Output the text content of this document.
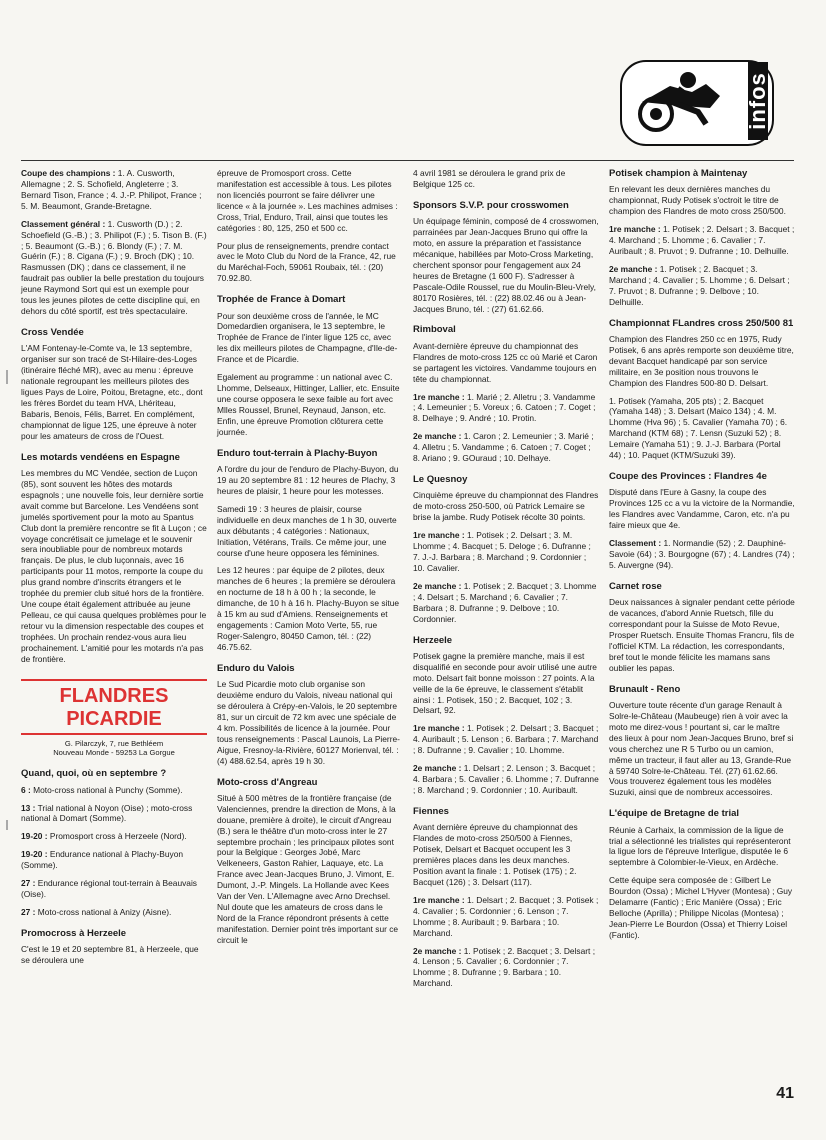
infos

Coupe des champions : 1. A. Cusworth, Allemagne ; 2. S. Schofield, Angleterre ; 3. Bernard Tison, France ; 4. J.-P. Philipot, France ; 5. M. Beaumont, Grande-Bretagne.

Classement général : 1. Cusworth (D.) ; 2. Schoefield (G.-B.) ; 3. Philipot (F.) ; 5. Tison B. (F.) ; 5. Beaumont (G.-B.) ; 6. Blondy (F.) ; 7. M. Guérin (F.) ; 8. Cigana (F.) ; 9. Broch (DK) ; 10. Rasmussen (DK) ; dans ce classement, il ne faudrait pas oublier la belle prestation du toujours jeune Raymond Sort qui est un exemple pour tous les jeunes pilotes de cette discipline qui, en dehors du côté sportif, est très spectaculaire.

Cross Vendée

L'AM Fontenay-le-Comte va, le 13 septembre, organiser sur son tracé de St-Hilaire-des-Loges (itinéraire fléché MR), avec au menu : épreuve nationale regroupant les meilleurs pilotes des ligues Pays de Loire, Poitou, Bretagne, etc., dont les frères Bordet du team HVA, Lhériteau, Babaris, Benois, Félis, Barret. En complément, championnat de ligue 125, une épreuve à noter pour les amateurs de cross de l'Ouest.

Les motards vendéens en Espagne

Les membres du MC Vendée, section de Luçon (85), sont souvent les hôtes des motards espagnols ; une nouvelle fois, leur dernière sortie avait comme but Barcelone. Les Vendéens sont jumelés sportivement pour la moto au Spantus Club dont la première rencontre se fit à Luçon ; ce voyage concrétisait ce jumelage et le souvenir sera inoubliable pour de nombreux motards français. De plus, le club luçonnais, avec 16 participants pour 11 motos, remporte la coupe du plus grand nombre d'inscrits étrangers et le trophée du premier club situé hors de la frontière. Une coupe était également attribuée au jeune Pelleau, ce qui causa quelques problèmes pour le retour vu la dimension respectable des coupes et trophées. Un prochain rendez-vous aura lieu prochainement. L'amitié pour les motards n'a pas de frontière.

FLANDRES
PICARDIE
G. Pilarczyk, 7, rue Bethléem
Nouveau Monde - 59253 La Gorgue
Quand, quoi, où en septembre ?

6 : Moto-cross national à Punchy (Somme).

13 : Trial national à Noyon (Oise) ; moto-cross national à Domart (Somme).

19-20 : Promosport cross à Herzeele (Nord).

19-20 : Endurance national à Plachy-Buyon (Somme).

27 : Endurance régional tout-terrain à Beauvais (Oise).

27 : Moto-cross national à Anizy (Aisne).

Promocross à Herzeele

C'est le 19 et 20 septembre 81, à Herzeele, que se déroulera une

épreuve de Promosport cross. Cette manifestation est accessible à tous. Les pilotes non licenciés pourront se faire délivrer une licence « à la journée ». Les machines admises : Cross, Trial, Enduro, Trail, ainsi que toutes les catégories : 80, 125, 250 et 500 cc.

Pour plus de renseignements, prendre contact avec le Moto Club du Nord de la France, 42, rue du Maréchal-Foch, 59061 Roubaix, tél. : (20) 70.92.80.

Trophée de France à Domart

Pour son deuxième cross de l'année, le MC Domedardien organisera, le 13 septembre, le Trophée de France de l'inter ligue 125 cc, avec les dix meilleurs pilotes de Champagne, d'Ile-de-France et de Picardie.

Egalement au programme : un national avec C. Lhomme, Delseaux, Hittinger, Lallier, etc. Ensuite une course opposera le sexe faible au fort avec Mlles Roussel, Brunel, Reynaud, Janson, etc. Enfin, une épreuve Promotion clôturera cette journée.

Enduro tout-terrain à Plachy-Buyon

A l'ordre du jour de l'enduro de Plachy-Buyon, du 19 au 20 septembre 81 : 12 heures de Plachy, 3 heures de plaisir, 1 heure pour les motesses.

Samedi 19 : 3 heures de plaisir, course individuelle en deux manches de 1 h 30, ouverte aux débutants ; 4 catégories : Nationaux, Initiation, Vétérans, Trails. Ce même jour, une course d'une heure opposera les féminines.

Les 12 heures : par équipe de 2 pilotes, deux manches de 6 heures ; la première se déroulera en nocturne de 18 h à 00 h ; la seconde, le dimanche, de 10 h à 16 h. Plachy-Buyon se situe à 15 km au sud d'Amiens. Renseignements et engagements : Camion Moto Verte, 55, rue Roger-Salengro, 80450 Camon, tél. : (22) 46.75.62.

Enduro du Valois

Le Sud Picardie moto club organise son deuxième enduro du Valois, niveau national qui se déroulera à Crépy-en-Valois, le 20 septembre 81, sur un circuit de 72 km avec une spéciale de 4 km. Possibilités de licence à la journée. Pour tous renseignements : Pascal Launois, La Pierre-Aigue, Fresnoy-la-Rivière, 60127 Morienval, tél. : (4) 488.62.54, après 19 h 30.

Moto-cross d'Angreau

Situé à 500 mètres de la frontière française (de Valenciennes, prendre la direction de Mons, à la douane, première à droite), le circuit d'Angreau (B.) sera le théâtre d'un moto-cross inter le 27 septembre prochain ; les principaux pilotes sont pour la Belgique : Georges Jobé, Marc Velkeneers, Gaston Rahier, Laquaye, etc. La France avec Jean-Jacques Bruno, J. Vimont, E. Dumont, J.-P. Mingels. La Hollande avec Kees Van der Ven. L'Allemagne avec Arno Drechsel. Nul doute que les amateurs de cross dans le Nord de la France répondront présents à cette manifestation. Dernier point très important sur ce circuit le

4 avril 1981 se déroulera le grand prix de Belgique 125 cc.

Sponsors S.V.P. pour crosswomen

Un équipage féminin, composé de 4 crosswomen, parrainées par Jean-Jacques Bruno qui offre la moto, en assure la préparation et l'assistance mécanique, habillées par Moto-Cross Marketing, cherchent sponsor pour l'engagement aux 24 heures de Bretagne (1 600 F). S'adresser à Pascale-Odile Roussel, rue du Moulin-Bleu-Vrely, 80170 Rosières, tél. : (22) 88.02.46 ou à Jean-Jacques Bruno, tél. : (27) 61.62.66.

Rimboval

Avant-dernière épreuve du championnat des Flandres de moto-cross 125 cc où Marié et Caron se partagent les victoires. Vandamme toujours en tête du championnat.

1re manche : 1. Marié ; 2. Alletru ; 3. Vandamme ; 4. Lemeunier ; 5. Voreux ; 6. Catoen ; 7. Coget ; 8. Delhaye ; 9. André ; 10. Protin.

2e manche : 1. Caron ; 2. Lemeunier ; 3. Marié ; 4. Alletru ; 5. Vandamme ; 6. Catoen ; 7. Coget ; 8. Ariano ; 9. GOuraud ; 10. Delhaye.

Le Quesnoy

Cinquième épreuve du championnat des Flandres de moto-cross 250-500, où Patrick Lemaire se brise la jambe. Rudy Potisek récolte 30 points.

1re manche : 1. Potisek ; 2. Delsart ; 3. M. Lhomme ; 4. Bacquet ; 5. Deloge ; 6. Dufranne ; 7. J.-J. Barbara ; 8. Marchand ; 9. Cordonnier ; 10. Cavalier.

2e manche : 1. Potisek ; 2. Bacquet ; 3. Lhomme ; 4. Delsart ; 5. Marchand ; 6. Cavalier ; 7. Barbara ; 8. Dufranne ; 9. Delbove ; 10. Cordonnier.

Herzeele

Potisek gagne la première manche, mais il est disqualifié en seconde pour avoir utilisé une autre moto. Delsart fait bonne moisson : 27 points. A la veille de la 6e épreuve, le classement s'établit ainsi : 1. Potisek, 150 ; 2. Bacquet, 102 ; 3. Delsart, 92.

1re manche : 1. Potisek ; 2. Delsart ; 3. Bacquet ; 4. Auribault ; 5. Lenson ; 6. Barbara ; 7. Marchand ; 8. Dufranne ; 9. Cavalier ; 10. Lhomme.

2e manche : 1. Delsart ; 2. Lenson ; 3. Bacquet ; 4. Barbara ; 5. Cavalier ; 6. Lhomme ; 7. Dufranne ; 8. Marchand ; 9. Cordonnier ; 10. Auribault.

Fiennes

Avant dernière épreuve du championnat des Flandes de moto-cross 250/500 à Fiennes, Potisek, Delsart et Bacquet occupent les 3 premières places dans les deux manches. Position avant la finale : 1. Potisek (175) ; 2. Bacquet (126) ; 3. Delsart (117).

1re manche : 1. Delsart ; 2. Bacquet ; 3. Potisek ; 4. Cavalier ; 5. Cordonnier ; 6. Lenson ; 7. Lhomme ; 8. Auribault ; 9. Barbara ; 10. Marchand.

2e manche : 1. Potisek ; 2. Bacquet ; 3. Delsart ; 4. Lenson ; 5. Cavalier ; 6. Cordonnier ; 7. Lhomme ; 8. Dufranne ; 9. Barbara ; 10. Marchand.

Potisek champion à Maintenay

En relevant les deux dernières manches du championnat, Rudy Potisek s'octroit le titre de champion des Flandres de moto cross 250/500.

1re manche : 1. Potisek ; 2. Delsart ; 3. Bacquet ; 4. Marchand ; 5. Lhomme ; 6. Cavalier ; 7. Auribault ; 8. Pruvot ; 9. Dufranne ; 10. Delhuille.

2e manche : 1. Potisek ; 2. Bacquet ; 3. Marchand ; 4. Cavalier ; 5. Lhomme ; 6. Delsart ; 7. Pruvot ; 8. Dufranne ; 9. Delbove ; 10. Delhuille.

Championnat FLandres cross 250/500 81

Champion des Flandres 250 cc en 1975, Rudy Potisek, 6 ans après remporte son deuxième titre, devant Bacquet handicapé par son service militaire, en 3e position nous trouvons le Champion des Flandres 500-80 D. Delsart.

1. Potisek (Yamaha, 205 pts) ; 2. Bacquet (Yamaha 148) ; 3. Delsart (Maico 134) ; 4. M. Lhomme (Hva 96) ; 5. Cavalier (Yamaha 70) ; 6. Marchand (KTM 68) ; 7. Lensn (Suzuki 52) ; 8. Lemaire (Yamaha 51) ; 9. J.-J. Barbara (Portal 44) ; 10. Paquet (KTM/Suzuki 39).

Coupe des Provinces : Flandres 4e

Disputé dans l'Eure à Gasny, la coupe des Provinces 125 cc a vu la victoire de la Normandie, les Flandres avec Vandamme, Caron, etc. n'a pu faire mieux que 4e.

Classement : 1. Normandie (52) ; 2. Dauphiné-Savoie (64) ; 3. Bourgogne (67) ; 4. Landres (74) ; 5. Auvergne (94).

Carnet rose

Deux naissances à signaler pendant cette période de vacances, d'abord Annie Ruetsch, fille du correspondant pour la Suisse de Moto Revue, Prosper Ruetsch. Ensuite Thomas Francru, fils de l'officiel KTM. La rédaction, les correspondants, bref tout le monde félicite les mamans sans oublier les papas.

Brunault - Reno

Ouverture toute récente d'un garage Renault à Solre-le-Château (Maubeuge) rien à voir avec la moto me direz-vous ! pourtant si, car le maître des lieux à pour nom Jean-Jacques Bruno, bref si vous cherchez une R 5 Turbo ou un camion, même un tracteur, il faut aller au 13, Grande-Rue à 59740 Solre-le-Château. Tél. (27) 61.62.66. Vous trouverez également tous les modèles Suzuki, ainsi que de nombreux accessoires.

L'équipe de Bretagne de trial

Réunie à Carhaix, la commission de la ligue de trial a sélectionné les trialistes qui représenteront la ligue lors de l'épreuve Interligue, disputée le 6 septembre à Colombier-le-Vieux, en Ardèche.

Cette équipe sera composée de : Gilbert Le Bourdon (Ossa) ; Michel L'Hyver (Montesa) ; Guy Delamarre (Fantic) ; Eric Manière (Ossa) ; Eric Belloche (Aprilla) ; Philippe Nicolas (Montesa) ; Jean-Pierre Le Bourdon (Ossa) et Thierry Loisel (Fantic).

41
